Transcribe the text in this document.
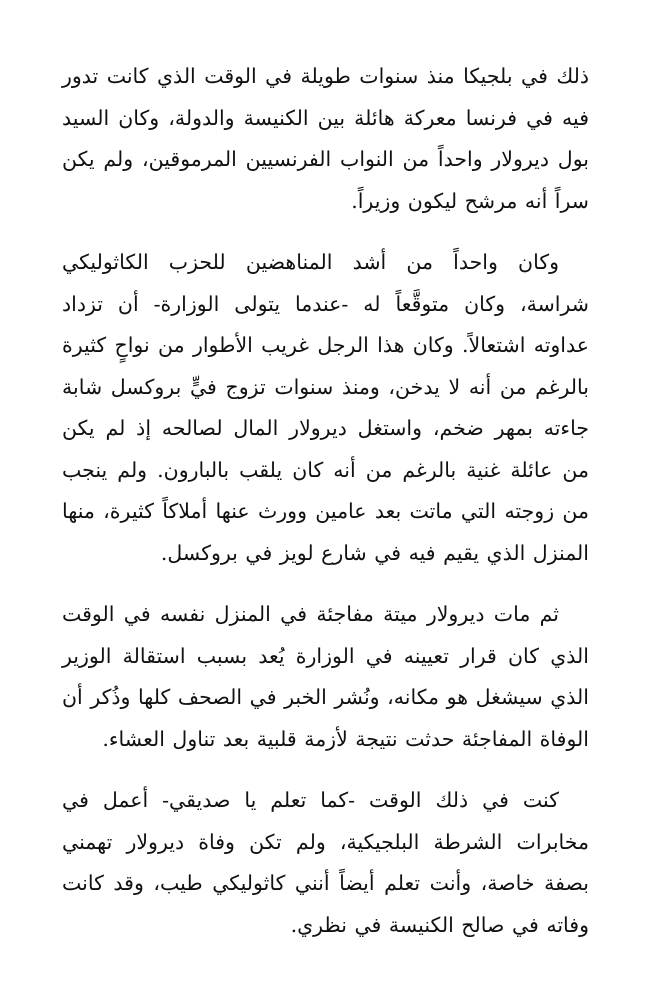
ذلك في بلجيكا منذ سنوات طويلة في الوقت الذي كانت تدور فيه في فرنسا معركة هائلة بين الكنيسة والدولة، وكان السيد بول ديرولار واحداً من النواب الفرنسيين المرموقين، ولم يكن سراً أنه مرشح ليكون وزيراً.

وكان واحداً من أشد المناهضين للحزب الكاثوليكي شراسة، وكان متوقَّعاً له -عندما يتولى الوزارة- أن تزداد عداوته اشتعالاً. وكان هذا الرجل غريب الأطوار من نواحٍ كثيرة بالرغم من أنه لا يدخن، ومنذ سنوات تزوج فيٍّ بروكسل شابة جاءته بمهر ضخم، واستغل ديرولار المال لصالحه إذ لم يكن من عائلة غنية بالرغم من أنه كان يلقب بالبارون. ولم ينجب من زوجته التي ماتت بعد عامين وورث عنها أملاكاً كثيرة، منها المنزل الذي يقيم فيه في شارع لويز في بروكسل.

ثم مات ديرولار ميتة مفاجئة في المنزل نفسه في الوقت الذي كان قرار تعيينه في الوزارة يُعد بسبب استقالة الوزير الذي سيشغل هو مكانه، ونُشر الخبر في الصحف كلها وذُكر أن الوفاة المفاجئة حدثت نتيجة لأزمة قلبية بعد تناول العشاء.

كنت في ذلك الوقت -كما تعلم يا صديقي- أعمل في مخابرات الشرطة البلجيكية، ولم تكن وفاة ديرولار تهمني بصفة خاصة، وأنت تعلم أيضاً أنني كاثوليكي طيب، وقد كانت وفاته في صالح الكنيسة في نظري.
